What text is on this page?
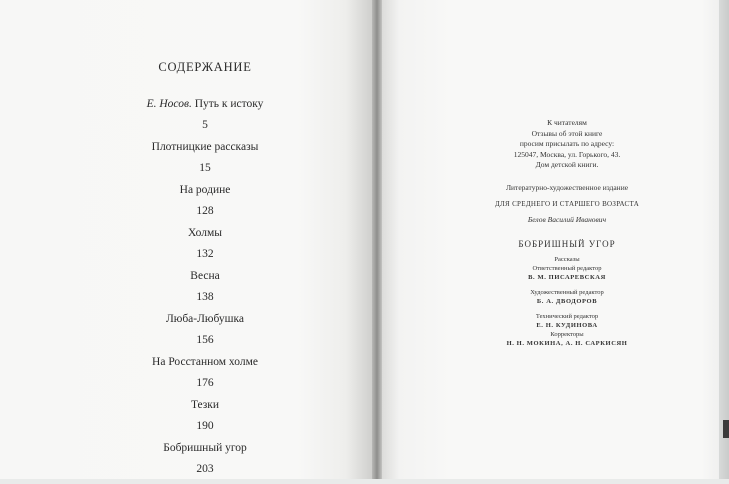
СОДЕРЖАНИЕ
Е. Носов. Путь к истоку
5
Плотницкие рассказы
15
На родине
128
Холмы
132
Весна
138
Люба-Любушка
156
На Росстанном холме
176
Тезки
190
Бобришный угор
203
К читателям
Отзывы об этой книге
просим присылать по адресу:
125047, Москва, ул. Горького, 43.
Дом детской книги.
Литературно-художественное издание
ДЛЯ СРЕДНЕГО И СТАРШЕГО ВОЗРАСТА
Белов Василий Иванович
БОБРИШНЫЙ УГОР
Рассказы
Ответственный редактор
В. М. ПИСАРЕВСКАЯ
Художественный редактор
Б. А. ДВОДОРОВ
Технический редактор
Е. Н. КУДИНОВА
Корректоры
Н. Н. МОКИНА, А. Н. САРКИСЯН
